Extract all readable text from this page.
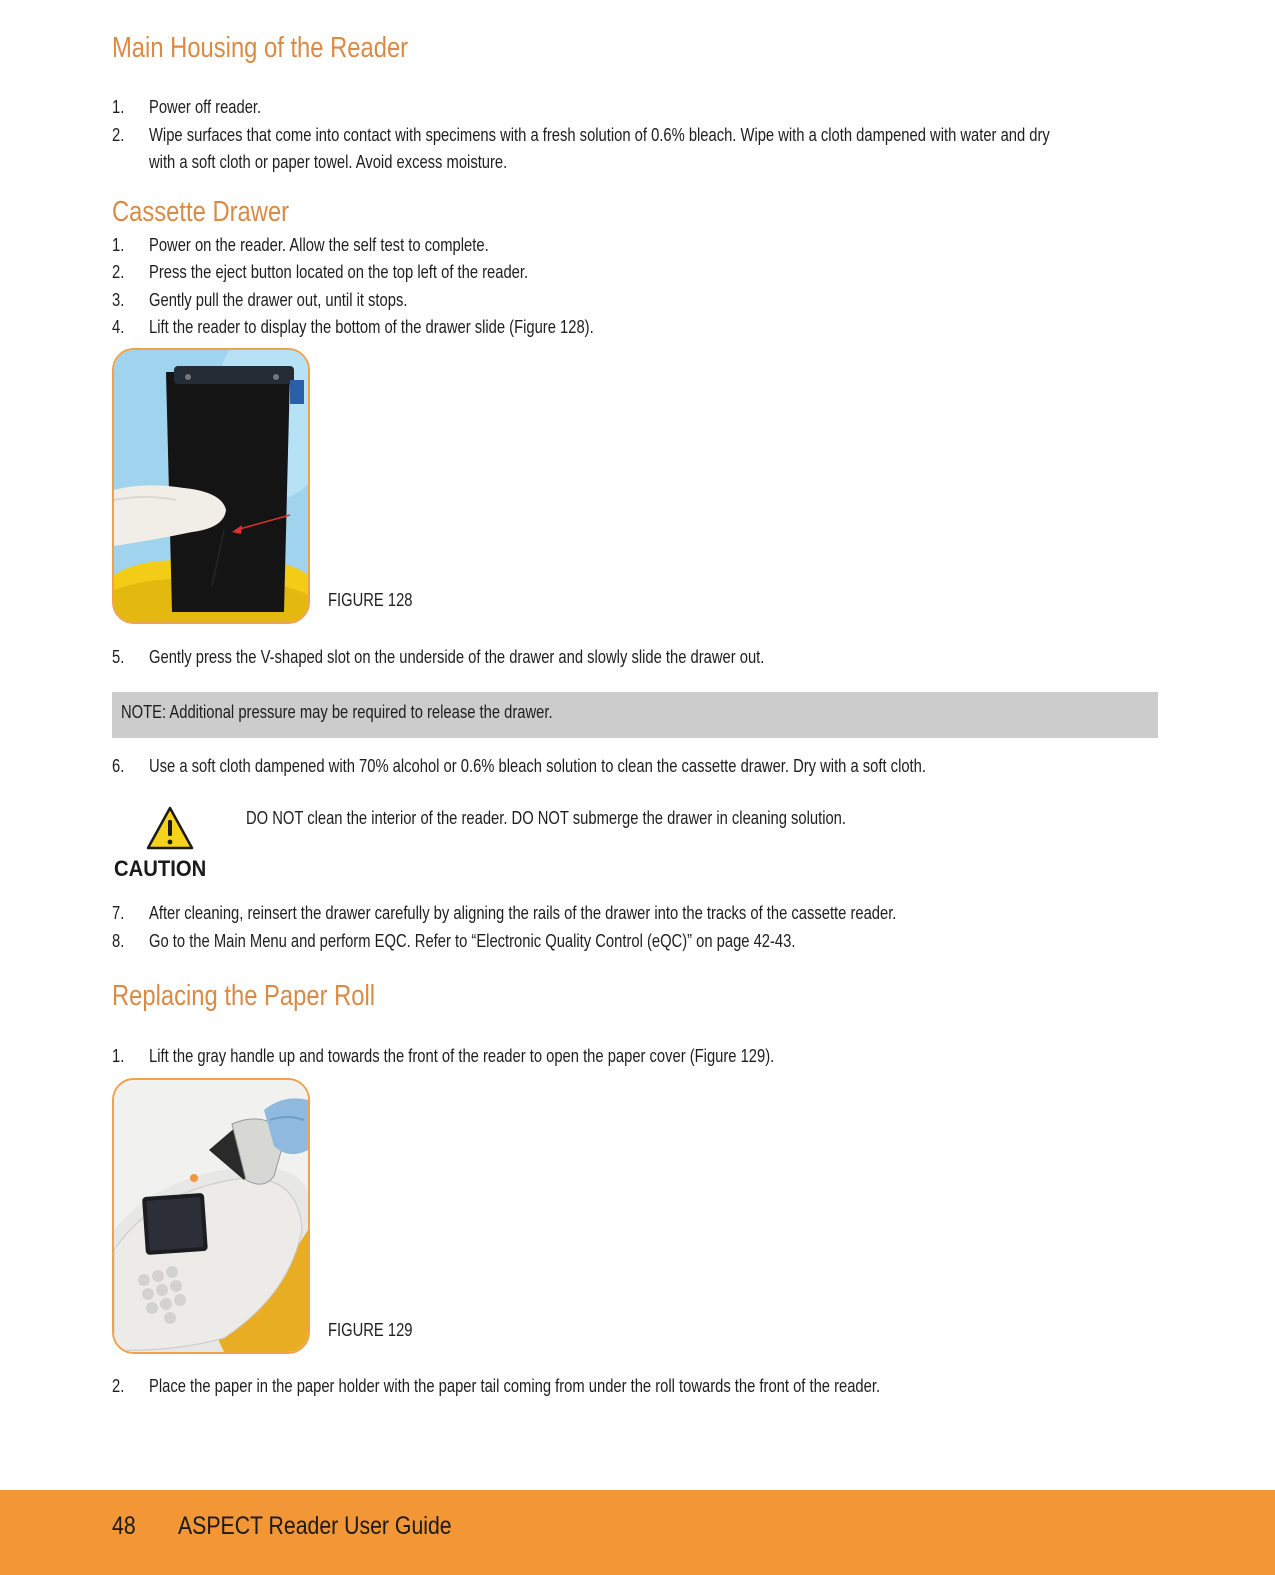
Main Housing of the Reader
1.	Power off reader.
2.	Wipe surfaces that come into contact with specimens with a fresh solution of 0.6% bleach. Wipe with a cloth dampened with water and dry
with a soft cloth or paper towel. Avoid excess moisture.
Cassette Drawer
1.	Power on the reader. Allow the self test to complete.
2.	Press the eject button located on the top left of the reader.
3.	Gently pull the drawer out, until it stops.
4.	Lift the reader to display the bottom of the drawer slide (Figure 128).
FIGURE 128
5.	Gently press the V-shaped slot on the underside of the drawer and slowly slide the drawer out.
NOTE: Additional pressure may be required to release the drawer.
6.	Use a soft cloth dampened with 70% alcohol or 0.6% bleach solution to clean the cassette drawer. Dry with a soft cloth.
CAUTION
DO NOT clean the interior of the reader. DO NOT submerge the drawer in cleaning solution.
7.	After cleaning, reinsert the drawer carefully by aligning the rails of the drawer into the tracks of the cassette reader.
8.	Go to the Main Menu and perform EQC. Refer to “Electronic Quality Control (eQC)” on page 42-43.
Replacing the Paper Roll
1.	Lift the gray handle up and towards the front of the reader to open the paper cover (Figure 129).
FIGURE 129
2.	Place the paper in the paper holder with the paper tail coming from under the roll towards the front of the reader.
48 ASPECT Reader User Guide
